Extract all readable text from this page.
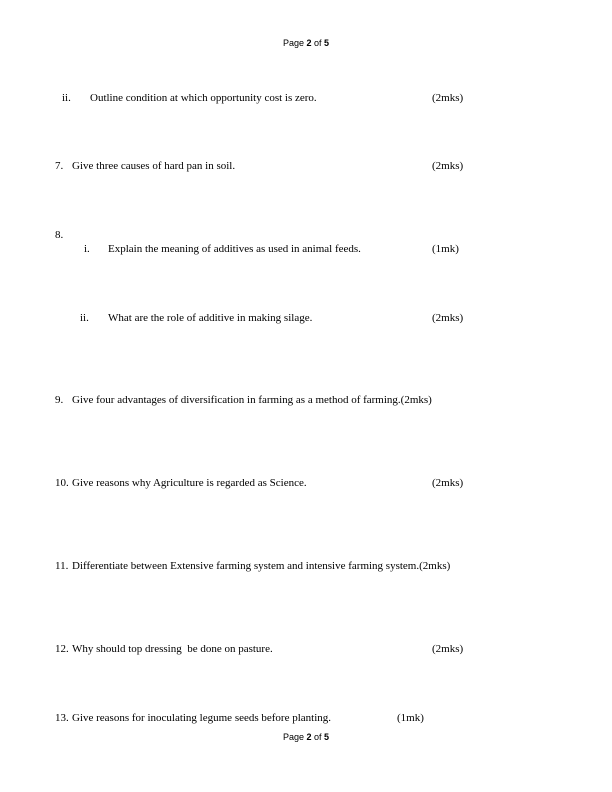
Page 2 of 5
ii. Outline condition at which opportunity cost is zero.	(2mks)
7. Give three causes of hard pan in soil.	(2mks)
8.
i. Explain the meaning of additives as used in animal feeds.	(1mk)
ii. What are the role of additive in making silage.	(2mks)
9. Give four advantages of diversification in farming as a method of farming.(2mks)
10. Give reasons why Agriculture is regarded as Science.	(2mks)
11. Differentiate between Extensive farming system and intensive farming system.(2mks)
12. Why should top dressing  be done on pasture.	(2mks)
13. Give reasons for inoculating legume seeds before planting.	(1mk)
Page 2 of 5
